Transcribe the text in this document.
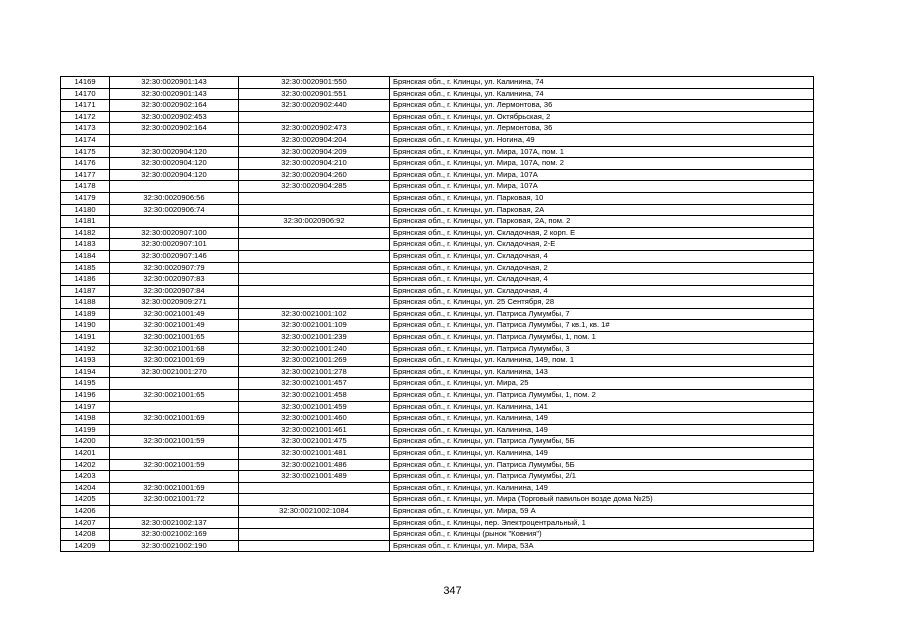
14169	32:30:0020901:143	32:30:0020901:550	Брянская обл., г. Клинцы, ул. Калинина, 74
14170	32:30:0020901:143	32:30:0020901:551	Брянская обл., г. Клинцы, ул. Калинина, 74
14171	32:30:0020902:164	32:30:0020902:440	Брянская обл., г. Клинцы, ул. Лермонтова, 36
14172	32:30:0020902:453		Брянская обл., г. Клинцы, ул. Октябрьская, 2
14173	32:30:0020902:164	32:30:0020902:473	Брянская обл., г. Клинцы, ул. Лермонтова, 36
14174		32:30:0020904:204	Брянская обл., г. Клинцы, ул. Ногина, 49
14175	32:30:0020904:120	32:30:0020904:209	Брянская обл., г. Клинцы, ул. Мира, 107А, пом. 1
14176	32:30:0020904:120	32:30:0020904:210	Брянская обл., г. Клинцы, ул. Мира, 107А, пом. 2
14177	32:30:0020904:120	32:30:0020904:260	Брянская обл., г. Клинцы, ул. Мира, 107А
14178		32:30:0020904:285	Брянская обл., г. Клинцы, ул. Мира, 107А
14179	32:30:0020906:56		Брянская обл., г. Клинцы, ул. Парковая, 10
14180	32:30:0020906:74		Брянская обл., г. Клинцы, ул. Парковая, 2А
14181		32:30:0020906:92	Брянская обл., г. Клинцы, ул. Парковая, 2А, пом. 2
14182	32:30:0020907:100		Брянская обл., г. Клинцы, ул. Складочная, 2 корп. Е
14183	32:30:0020907:101		Брянская обл., г. Клинцы, ул. Складочная, 2-Е
14184	32:30:0020907:146		Брянская обл., г. Клинцы, ул. Складочная, 4
14185	32:30:0020907:79		Брянская обл., г. Клинцы, ул. Складочная, 2
14186	32:30:0020907:83		Брянская обл., г. Клинцы, ул. Складочная, 4
14187	32:30:0020907:84		Брянская обл., г. Клинцы, ул. Складочная, 4
14188	32:30:0020909:271		Брянская обл., г. Клинцы, ул. 25 Сентября, 28
14189	32:30:0021001:49	32:30:0021001:102	Брянская обл., г. Клинцы, ул. Патриса Лумумбы, 7
14190	32:30:0021001:49	32:30:0021001:109	Брянская обл., г. Клинцы, ул. Патриса Лумумбы, 7 кв.1, кв. 1#
14191	32:30:0021001:65	32:30:0021001:239	Брянская обл., г. Клинцы, ул. Патриса Лумумбы, 1, пом. 1
14192	32:30:0021001:68	32:30:0021001:240	Брянская обл., г. Клинцы, ул. Патриса Лумумбы, 3
14193	32:30:0021001:69	32:30:0021001:269	Брянская обл., г. Клинцы, ул. Калинина, 149, пом. 1
14194	32:30:0021001:270	32:30:0021001:278	Брянская обл., г. Клинцы, ул. Калинина, 143
14195		32:30:0021001:457	Брянская обл., г. Клинцы, ул. Мира, 25
14196	32:30:0021001:65	32:30:0021001:458	Брянская обл., г. Клинцы, ул. Патриса Лумумбы, 1, пом. 2
14197		32:30:0021001:459	Брянская обл., г. Клинцы, ул. Калинина, 141
14198	32:30:0021001:69	32:30:0021001:460	Брянская обл., г. Клинцы, ул. Калинина, 149
14199		32:30:0021001:461	Брянская обл., г. Клинцы, ул. Калинина, 149
14200	32:30:0021001:59	32:30:0021001:475	Брянская обл., г. Клинцы, ул. Патриса Лумумбы, 5Б
14201		32:30:0021001:481	Брянская обл., г. Клинцы, ул. Калинина, 149
14202	32:30:0021001:59	32:30:0021001:486	Брянская обл., г. Клинцы, ул. Патриса Лумумбы, 5Б
14203		32:30:0021001:489	Брянская обл., г. Клинцы, ул. Патриса Лумумбы, 2/1
14204	32:30:0021001:69		Брянская обл., г. Клинцы, ул. Калинина, 149
14205	32:30:0021001:72		Брянская обл., г. Клинцы, ул. Мира (Торговый павильон возде дома №25)
14206		32:30:0021002:1084	Брянская обл., г. Клинцы, ул. Мира, 59 А
14207	32:30:0021002:137		Брянская обл., г. Клинцы, пер. Электроцентральный, 1
14208	32:30:0021002:169		Брянская обл., г. Клинцы (рынок "Ковния")
14209	32:30:0021002:190		Брянская обл., г. Клинцы, ул. Мира, 53А
347
